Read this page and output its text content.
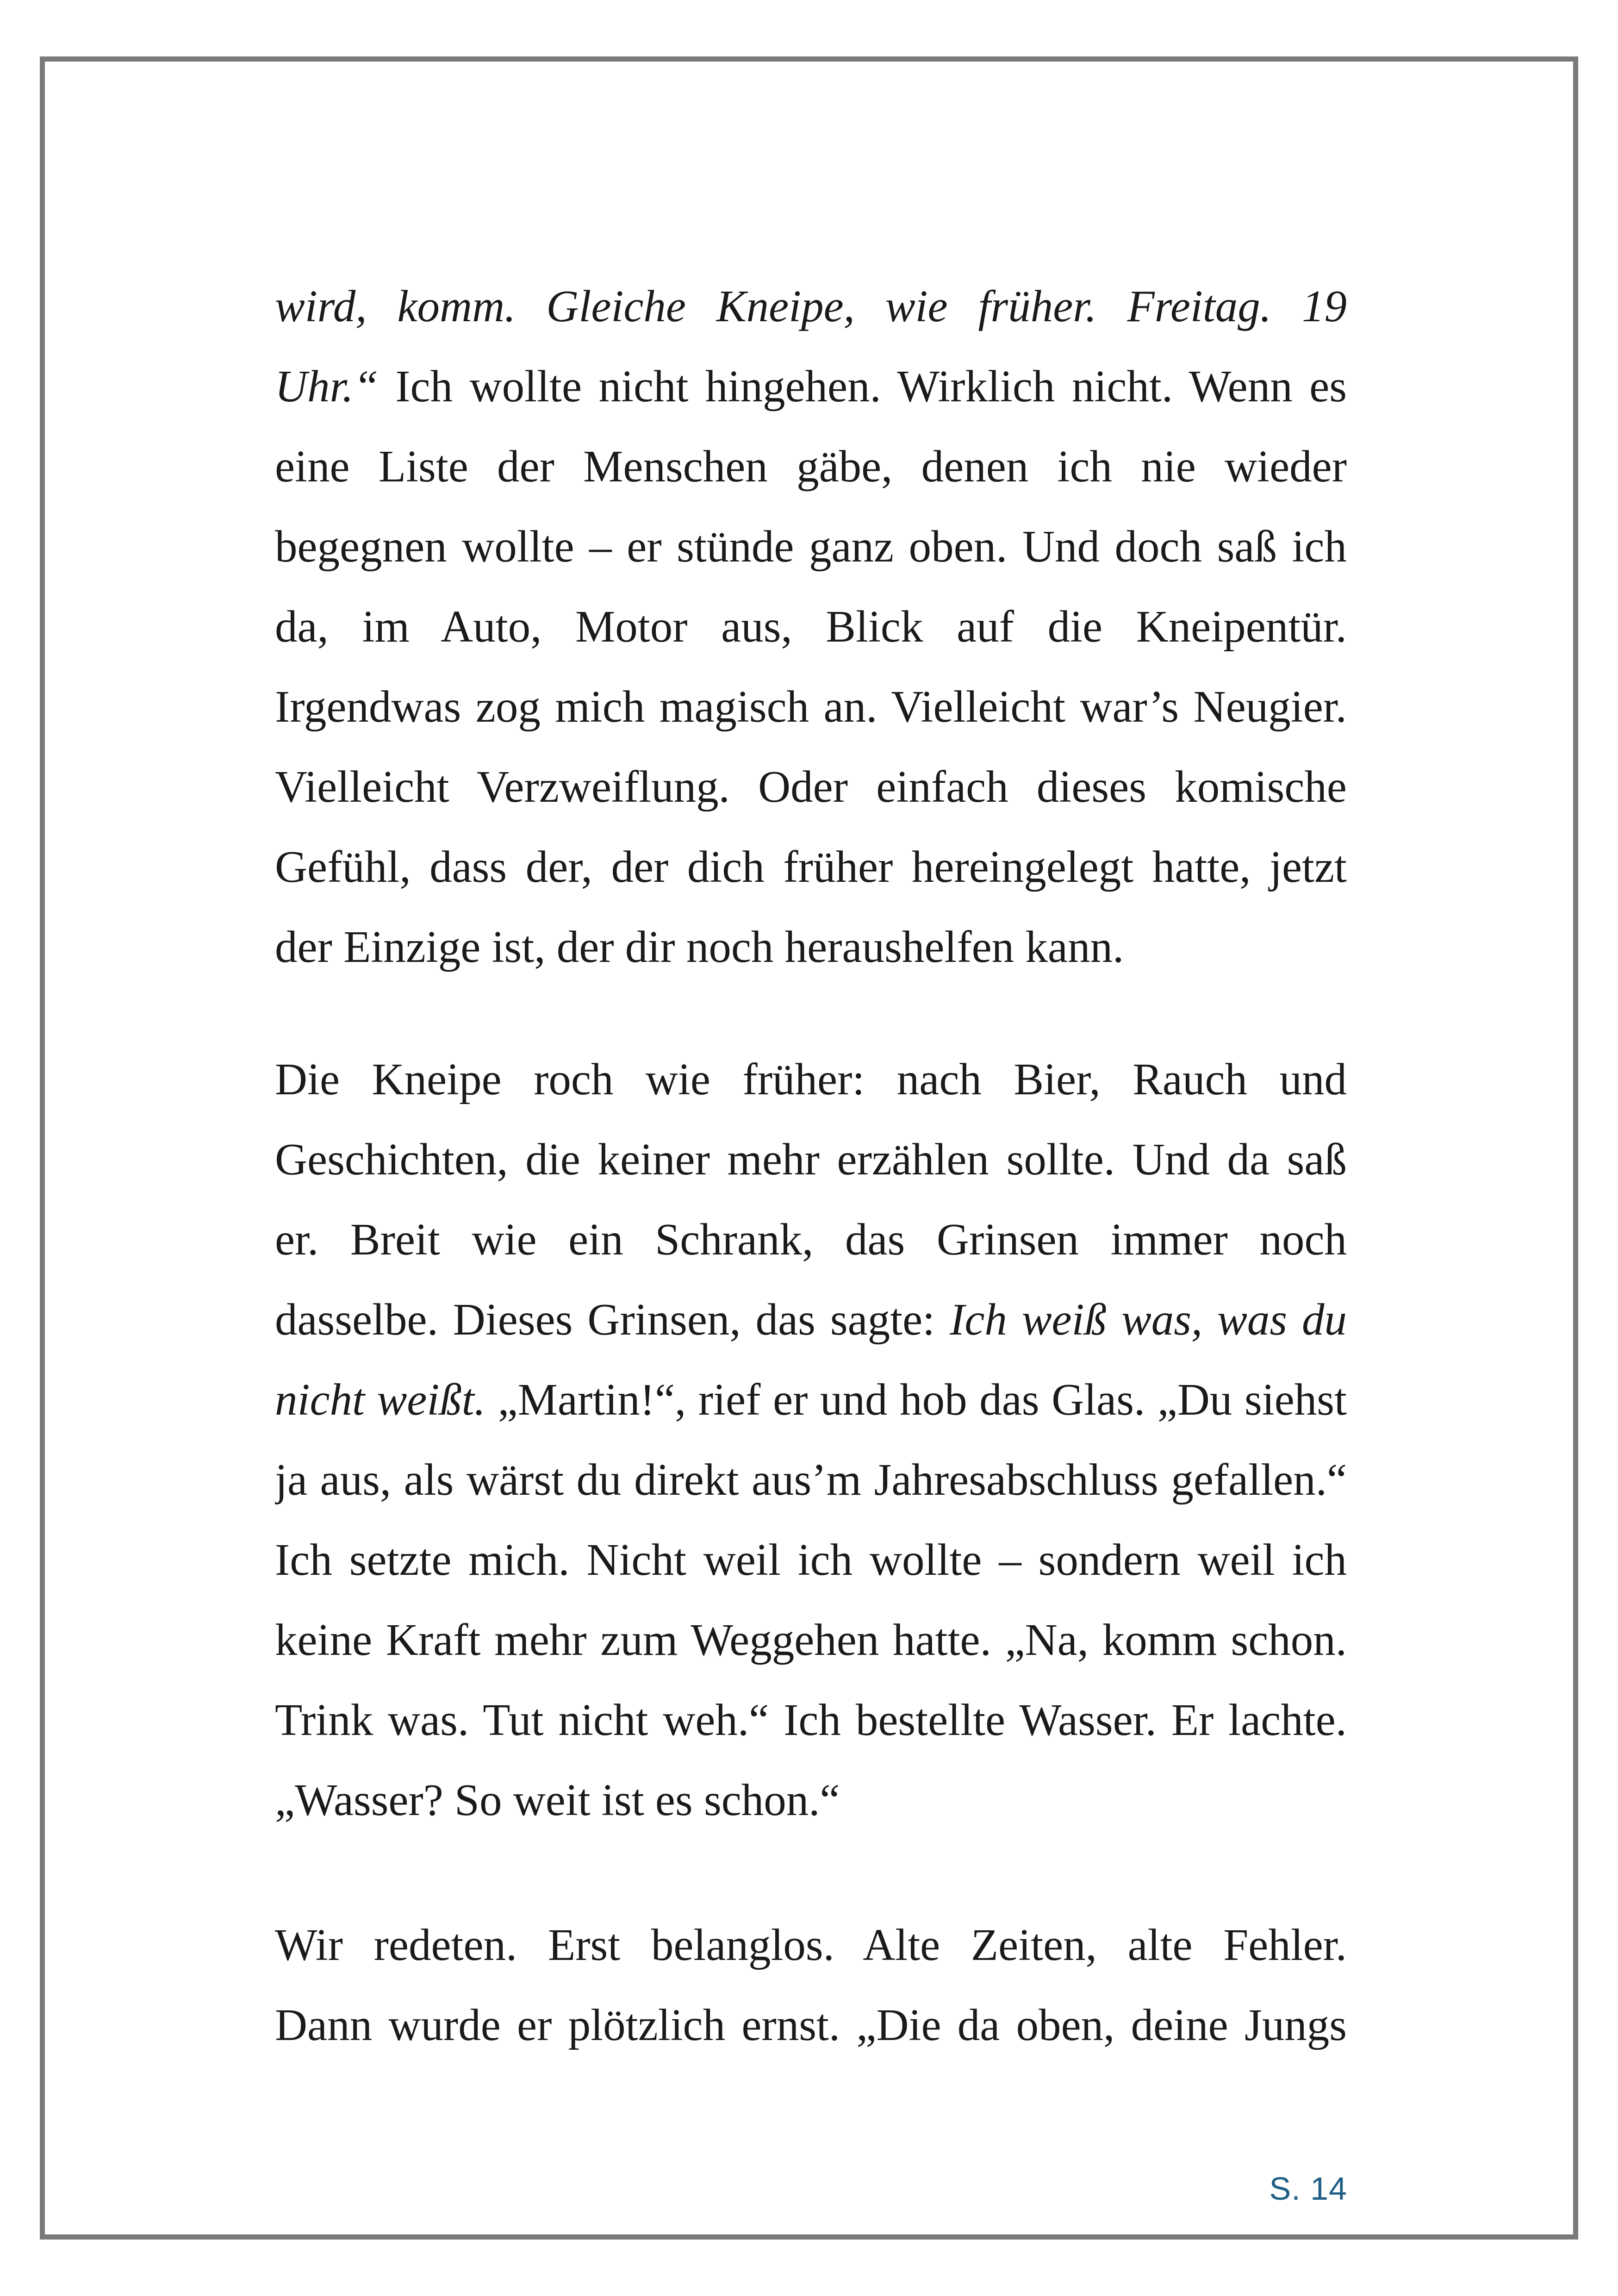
wird, komm. Gleiche Kneipe, wie früher. Freitag. 19
Uhr.“ Ich wollte nicht hingehen. Wirklich nicht. Wenn es
eine Liste der Menschen gäbe, denen ich nie wieder
begegnen wollte – er stünde ganz oben. Und doch saß ich
da, im Auto, Motor aus, Blick auf die Kneipentür.
Irgendwas zog mich magisch an. Vielleicht war’s Neugier.
Vielleicht Verzweiflung. Oder einfach dieses komische
Gefühl, dass der, der dich früher hereingelegt hatte, jetzt
der Einzige ist, der dir noch heraushelfen kann.
Die Kneipe roch wie früher: nach Bier, Rauch und
Geschichten, die keiner mehr erzählen sollte. Und da saß
er. Breit wie ein Schrank, das Grinsen immer noch
dasselbe. Dieses Grinsen, das sagte: Ich weiß was, was du
nicht weißt. „Martin!“, rief er und hob das Glas. „Du siehst
ja aus, als wärst du direkt aus’m Jahresabschluss gefallen.“
Ich setzte mich. Nicht weil ich wollte – sondern weil ich
keine Kraft mehr zum Weggehen hatte. „Na, komm schon.
Trink was. Tut nicht weh.“ Ich bestellte Wasser. Er lachte.
„Wasser? So weit ist es schon.“
Wir redeten. Erst belanglos. Alte Zeiten, alte Fehler.
Dann wurde er plötzlich ernst. „Die da oben, deine Jungs
S. 14
